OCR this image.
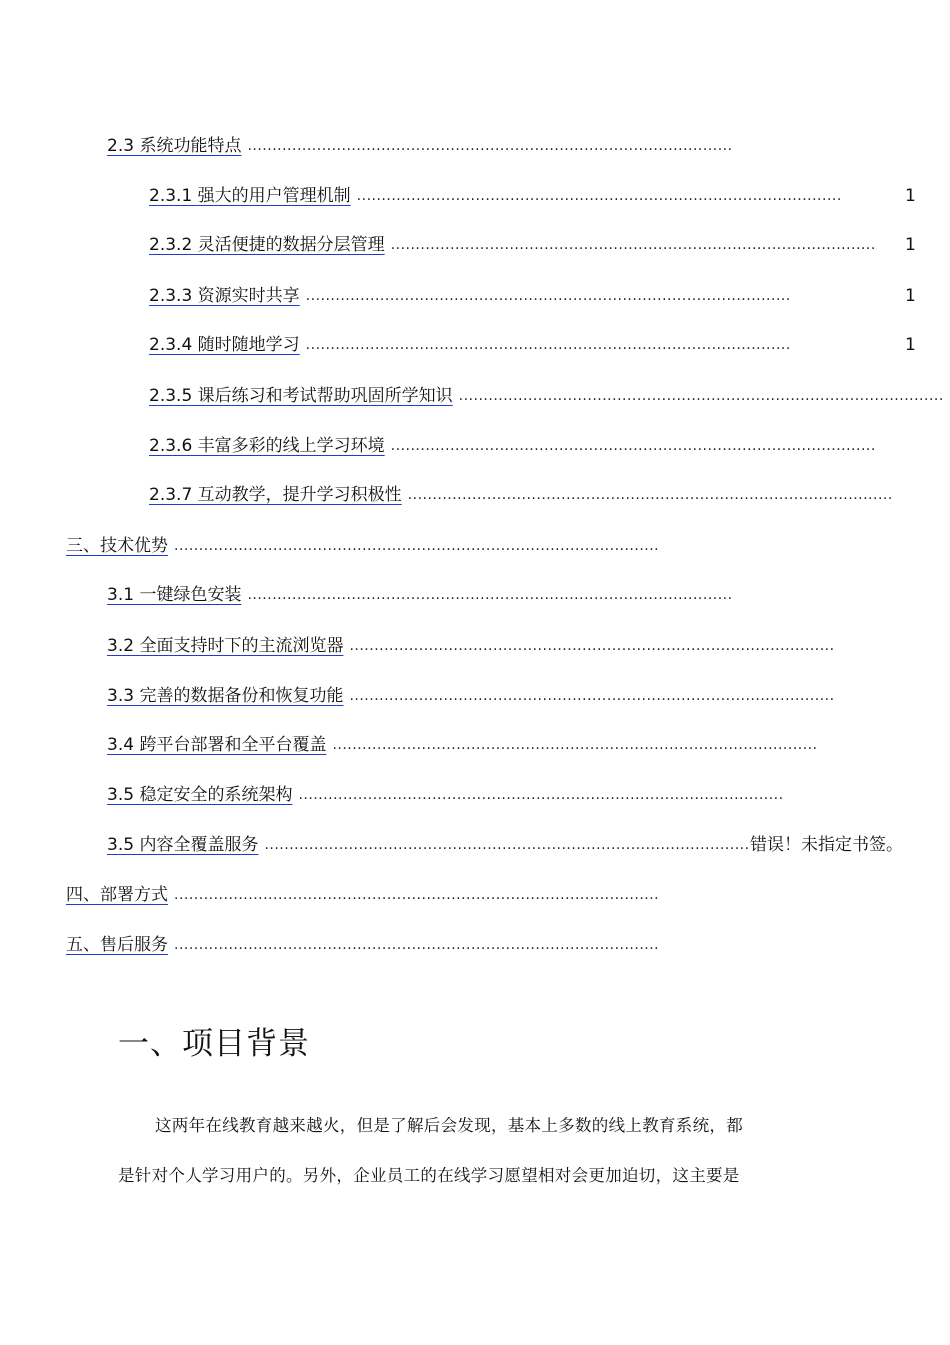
2.3 系统功能特点 ..................................................................................................
2.3.1 强大的用户管理机制 ..................................................................................................	1
2.3.2 灵活便捷的数据分层管理 .................................................................................................. 1
2.3.3 资源实时共享 ..................................................................................................	1
2.3.4 随时随地学习 ..................................................................................................	1
2.3.5 课后练习和考试帮助巩固所学知识 ..................................................................................................
2.3.6 丰富多彩的线上学习环境 ..................................................................................................
2.3.7 互动教学，提升学习积极性 ..................................................................................................
三、技术优势 ..................................................................................................
3.1 一键绿色安装 ..................................................................................................
3.2 全面支持时下的主流浏览器 ..................................................................................................
3.3 完善的数据备份和恢复功能 ..................................................................................................
3.4 跨平台部署和全平台覆盖 ..................................................................................................
3.5 稳定安全的系统架构 ..................................................................................................
3.5 内容全覆盖服务 .................................................................................................. 错误！未指定书签。
四、部署方式 ..................................................................................................
五、售后服务 ..................................................................................................
一、项目背景
这两年在线教育越来越火，但是了解后会发现，基本上多数的线上教育系统，都
是针对个人学习用户的。另外，企业员工的在线学习愿望相对会更加迫切，这主要是
